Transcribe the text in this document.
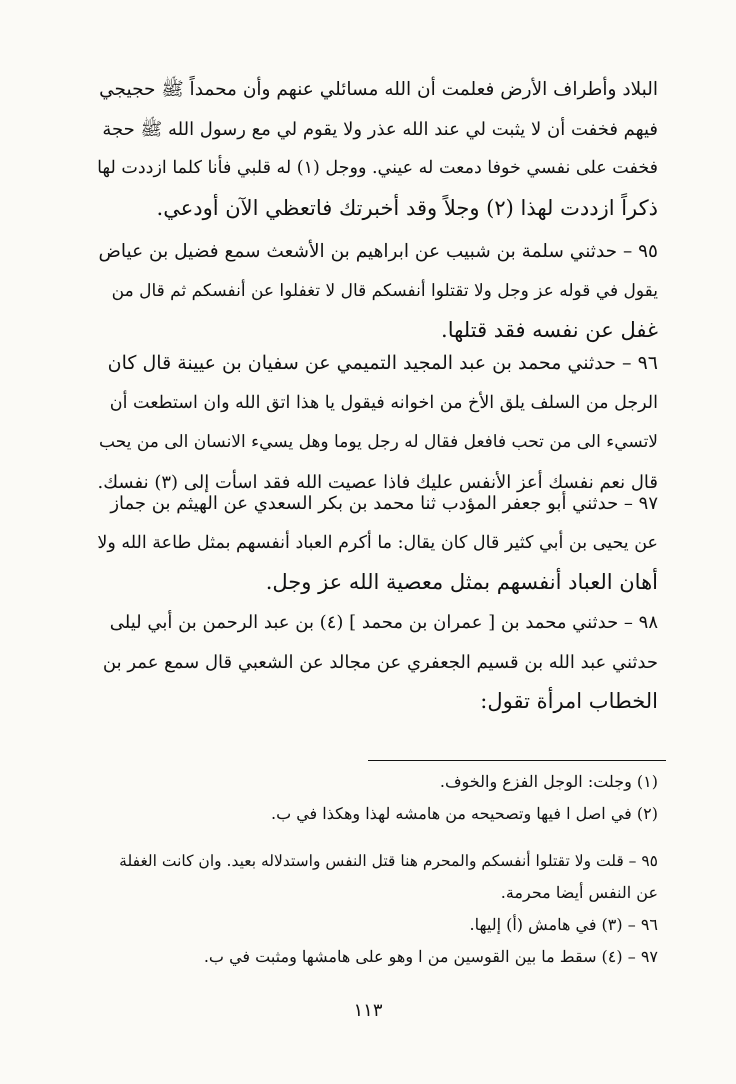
البلاد وأطراف الأرض فعلمت أن الله مسائلي عنهم وأن محمداً ﷺ حجيجي
فيهم فخفت أن لا يثبت لي عند الله عذر ولا يقوم لي مع رسول الله ﷺ حجة
فخفت على نفسي خوفا دمعت له عيني. ووجل (١) له قلبي فأنا كلما ازددت لها
ذكراً ازددت لهذا (٢) وجلاً وقد أخبرتك فاتعظي الآن أودعي.
٩٥ – حدثني سلمة بن شبيب عن ابراهيم بن الأشعث سمع فضيل بن عياض
يقول في قوله عز وجل ولا تقتلوا أنفسكم قال لا تغفلوا عن أنفسكم ثم قال من
غفل عن نفسه فقد قتلها.
٩٦ – حدثني محمد بن عبد المجيد التميمي عن سفيان بن عيينة قال كان
الرجل من السلف يلق الأخ من اخوانه فيقول يا هذا اتق الله وان استطعت أن
لاتسيء الى من تحب فافعل فقال له رجل يوما وهل يسيء الانسان الى من يحب
قال نعم نفسك أعز الأنفس عليك فاذا عصيت الله فقد اسأت إلى (٣) نفسك.
٩٧ – حدثني أبو جعفر المؤدب ثنا محمد بن بكر السعدي عن الهيثم بن جماز
عن يحيى بن أبي كثير قال كان يقال: ما أكرم العباد أنفسهم بمثل طاعة الله ولا
أهان العباد أنفسهم بمثل معصية الله عز وجل.
٩٨ – حدثني محمد بن [ عمران بن محمد ] (٤) بن عبد الرحمن بن أبي ليلى
حدثني عبد الله بن قسيم الجعفري عن مجالد عن الشعبي قال سمع عمر بن
الخطاب امرأة تقول:
(١) وجلت: الوجل الفزع والخوف.
(٢) في اصل ا فيها وتصحيحه من هامشه لهذا وهكذا في ب.
٩٥ – قلت ولا تقتلوا أنفسكم والمحرم هنا قتل النفس واستدلاله بعيد. وان كانت الغفلة
عن النفس أيضا محرمة.
٩٦ – (٣) في هامش (أ) إليها.
٩٧ – (٤) سقط ما بين القوسين من ا وهو على هامشها ومثبت في ب.
١١٣
